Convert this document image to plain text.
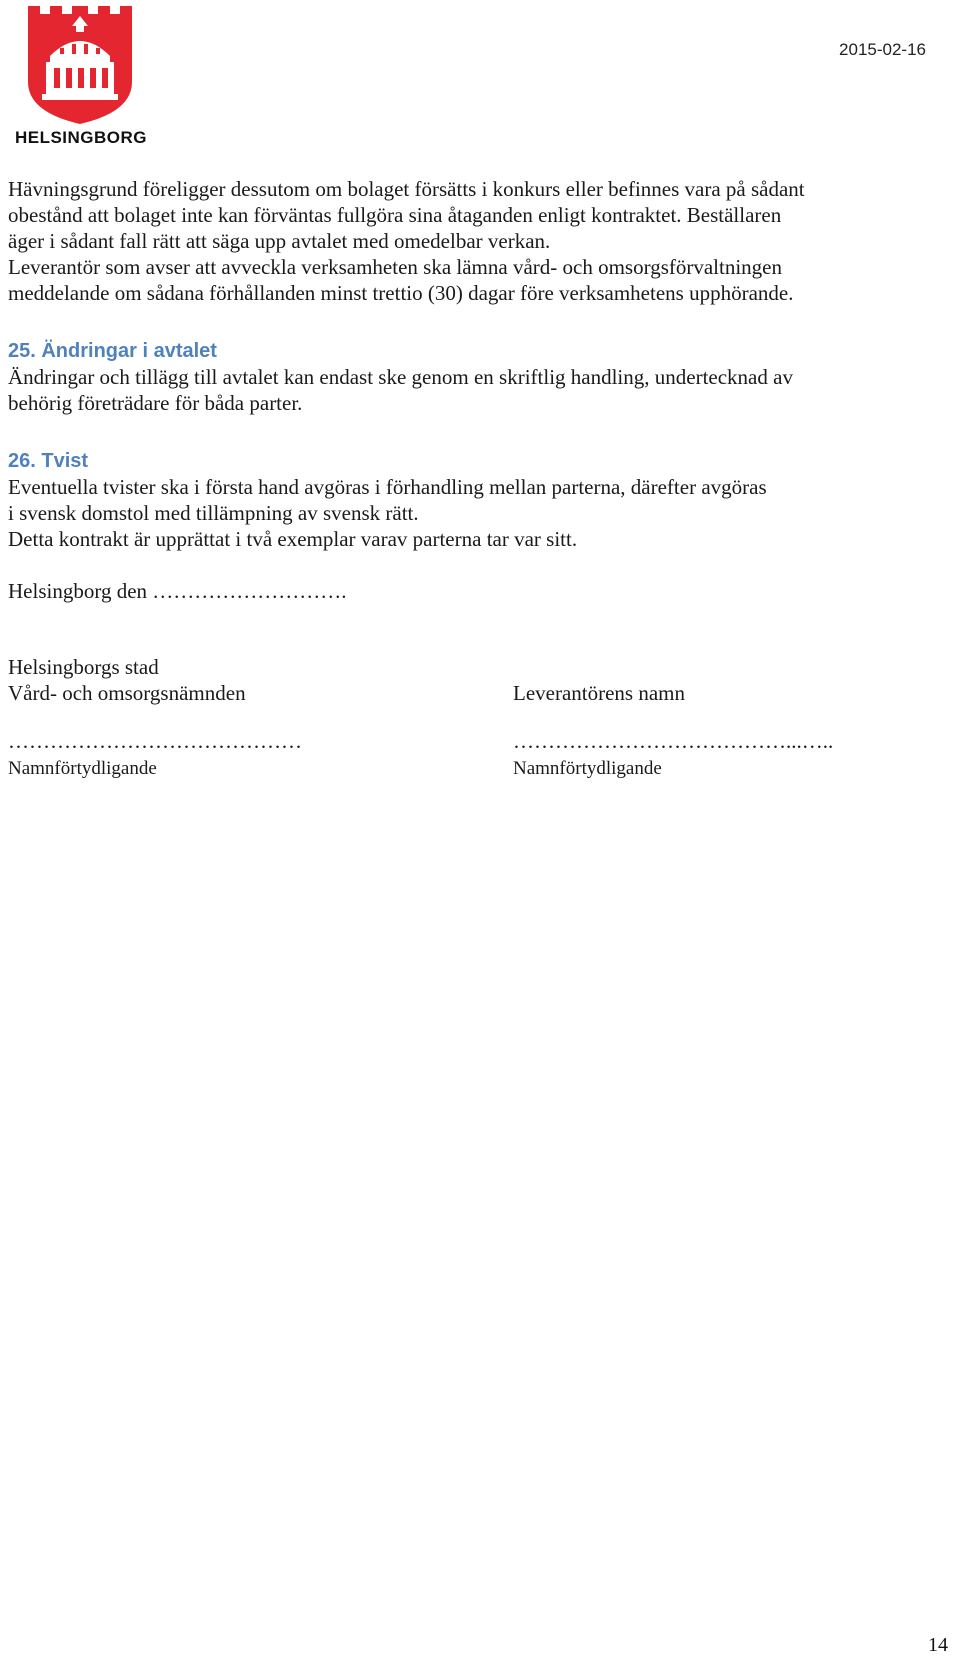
HELSINGBORG
2015-02-16

Hävningsgrund föreligger dessutom om bolaget försätts i konkurs eller befinnes vara på sådant

obestånd att bolaget inte kan förväntas fullgöra sina åtaganden enligt kontraktet. Beställaren

äger i sådant fall rätt att säga upp avtalet med omedelbar verkan.

Leverantör som avser att avveckla verksamheten ska lämna vård- och omsorgsförvaltningen

meddelande om sådana förhållanden minst trettio (30) dagar före verksamhetens upphörande.

25. Ändringar i avtalet

Ändringar och tillägg till avtalet kan endast ske genom en skriftlig handling, undertecknad av

behörig företrädare för båda parter.

26. Tvist

Eventuella tvister ska i första hand avgöras i förhandling mellan parterna, därefter avgöras

i svensk domstol med tillämpning av svensk rätt.

Detta kontrakt är upprättat i två exemplar varav parterna tar var sitt.

Helsingborg den ……………………….

Helsingborgs stad
Vård- och omsorgsnämnden	Leverantörens namn
……………………………………	…………………………………...…..
Namnförtydligande	Namnförtydligande
14
